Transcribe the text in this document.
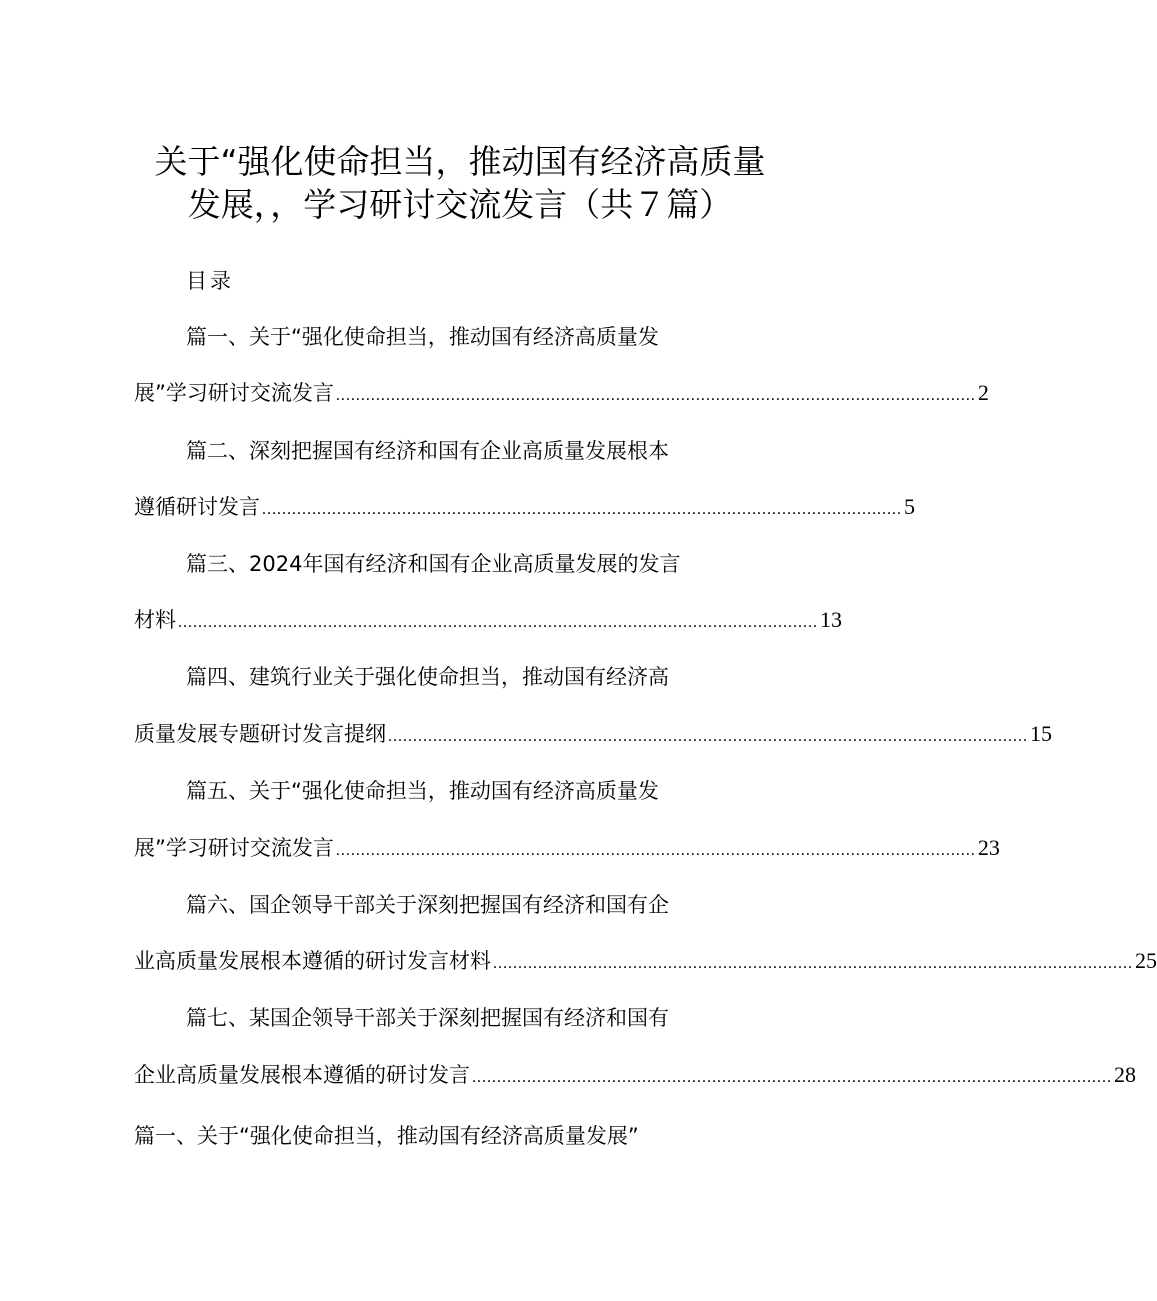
关于“强化使命担当，推动国有经济高质量
发展，，学习研讨交流发言（共７篇）
目录
篇一、关于“强化使命担当，推动国有经济高质量发
展”学习研讨交流发言 ................................................................................................................................ 2
篇二、深刻把握国有经济和国有企业高质量发展根本
遵循研讨发言 ................................................................................................................................ 5
篇三、2024年国有经济和国有企业高质量发展的发言
材料 ................................................................................................................................ 13
篇四、建筑行业关于强化使命担当，推动国有经济高
质量发展专题研讨发言提纲 ................................................................................................................................ 15
篇五、关于“强化使命担当，推动国有经济高质量发
展”学习研讨交流发言 ................................................................................................................................ 23
篇六、国企领导干部关于深刻把握国有经济和国有企
业高质量发展根本遵循的研讨发言材料 ................................................................................................................................ 25
篇七、某国企领导干部关于深刻把握国有经济和国有
企业高质量发展根本遵循的研讨发言 ................................................................................................................................ 28
篇一、关于“强化使命担当，推动国有经济高质量发展”
